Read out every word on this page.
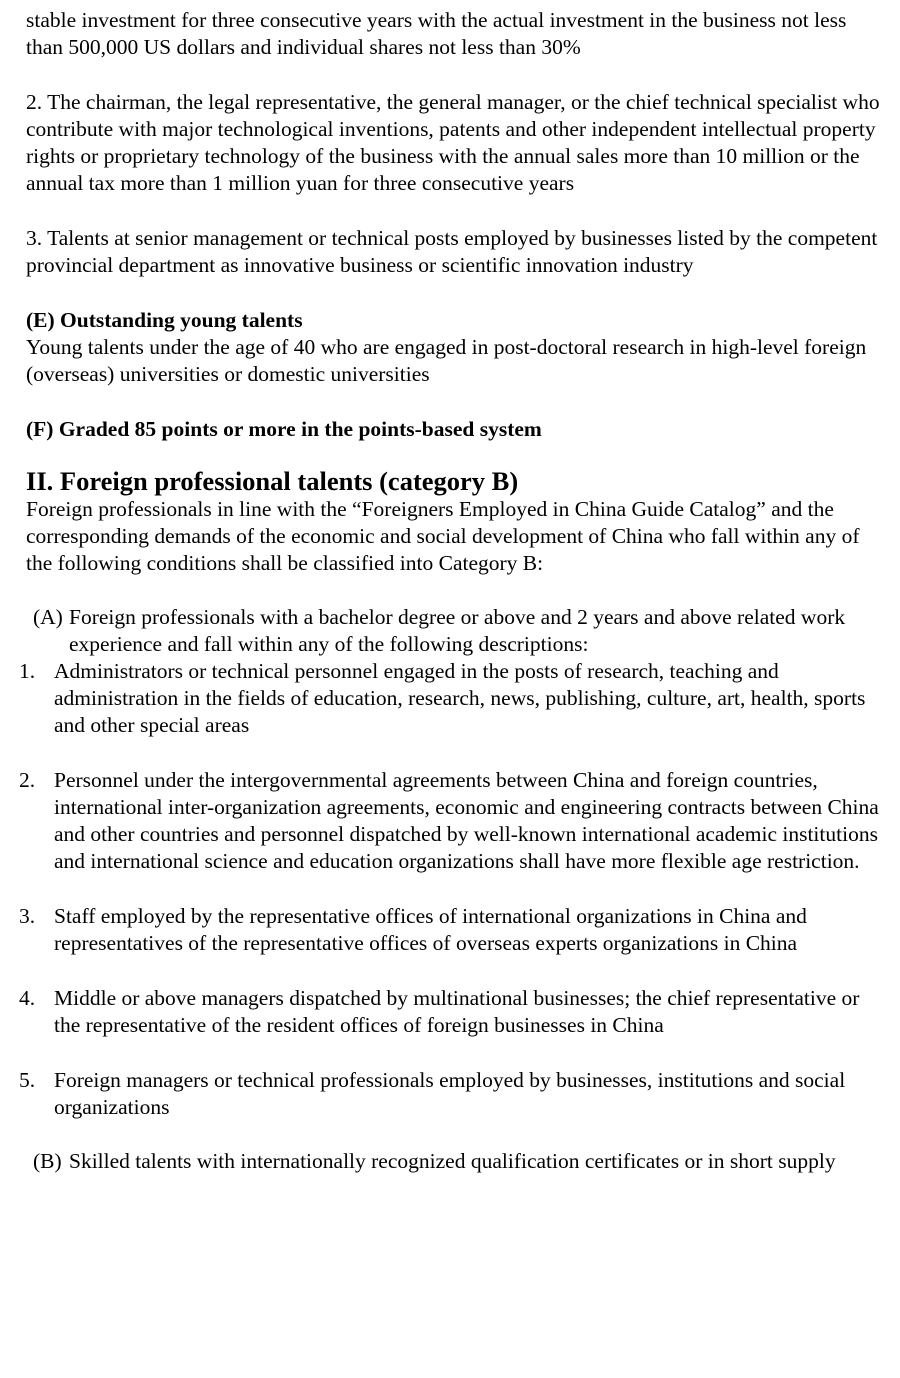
stable investment for three consecutive years with the actual investment in the business not less than 500,000 US dollars and individual shares not less than 30%

2. The chairman, the legal representative, the general manager, or the chief technical specialist who contribute with major technological inventions, patents and other independent intellectual property rights or proprietary technology of the business with the annual sales more than 10 million or the annual tax more than 1 million yuan for three consecutive years

3. Talents at senior management or technical posts employed by businesses listed by the competent provincial department as innovative business or scientific innovation industry

(E) Outstanding young talents
Young talents under the age of 40 who are engaged in post-doctoral research in high-level foreign (overseas) universities or domestic universities
(F) Graded 85 points or more in the points-based system
II. Foreign professional talents (category B)

Foreign professionals in line with the “Foreigners Employed in China Guide Catalog” and the corresponding demands of the economic and social development of China who fall within any of the following conditions shall be classified into Category B:

(A) Foreign professionals with a bachelor degree or above and 2 years and above related work experience and fall within any of the following descriptions:
1. Administrators or technical personnel engaged in the posts of research, teaching and administration in the fields of education, research, news, publishing, culture, art, health, sports and other special areas
2. Personnel under the intergovernmental agreements between China and foreign countries, international inter-organization agreements, economic and engineering contracts between China and other countries and personnel dispatched by well-known international academic institutions and international science and education organizations shall have more flexible age restriction.
3. Staff employed by the representative offices of international organizations in China and representatives of the representative offices of overseas experts organizations in China
4. Middle or above managers dispatched by multinational businesses; the chief representative or the representative of the resident offices of foreign businesses in China
5. Foreign managers or technical professionals employed by businesses, institutions and social organizations
(B) Skilled talents with internationally recognized qualification certificates or in short supply
